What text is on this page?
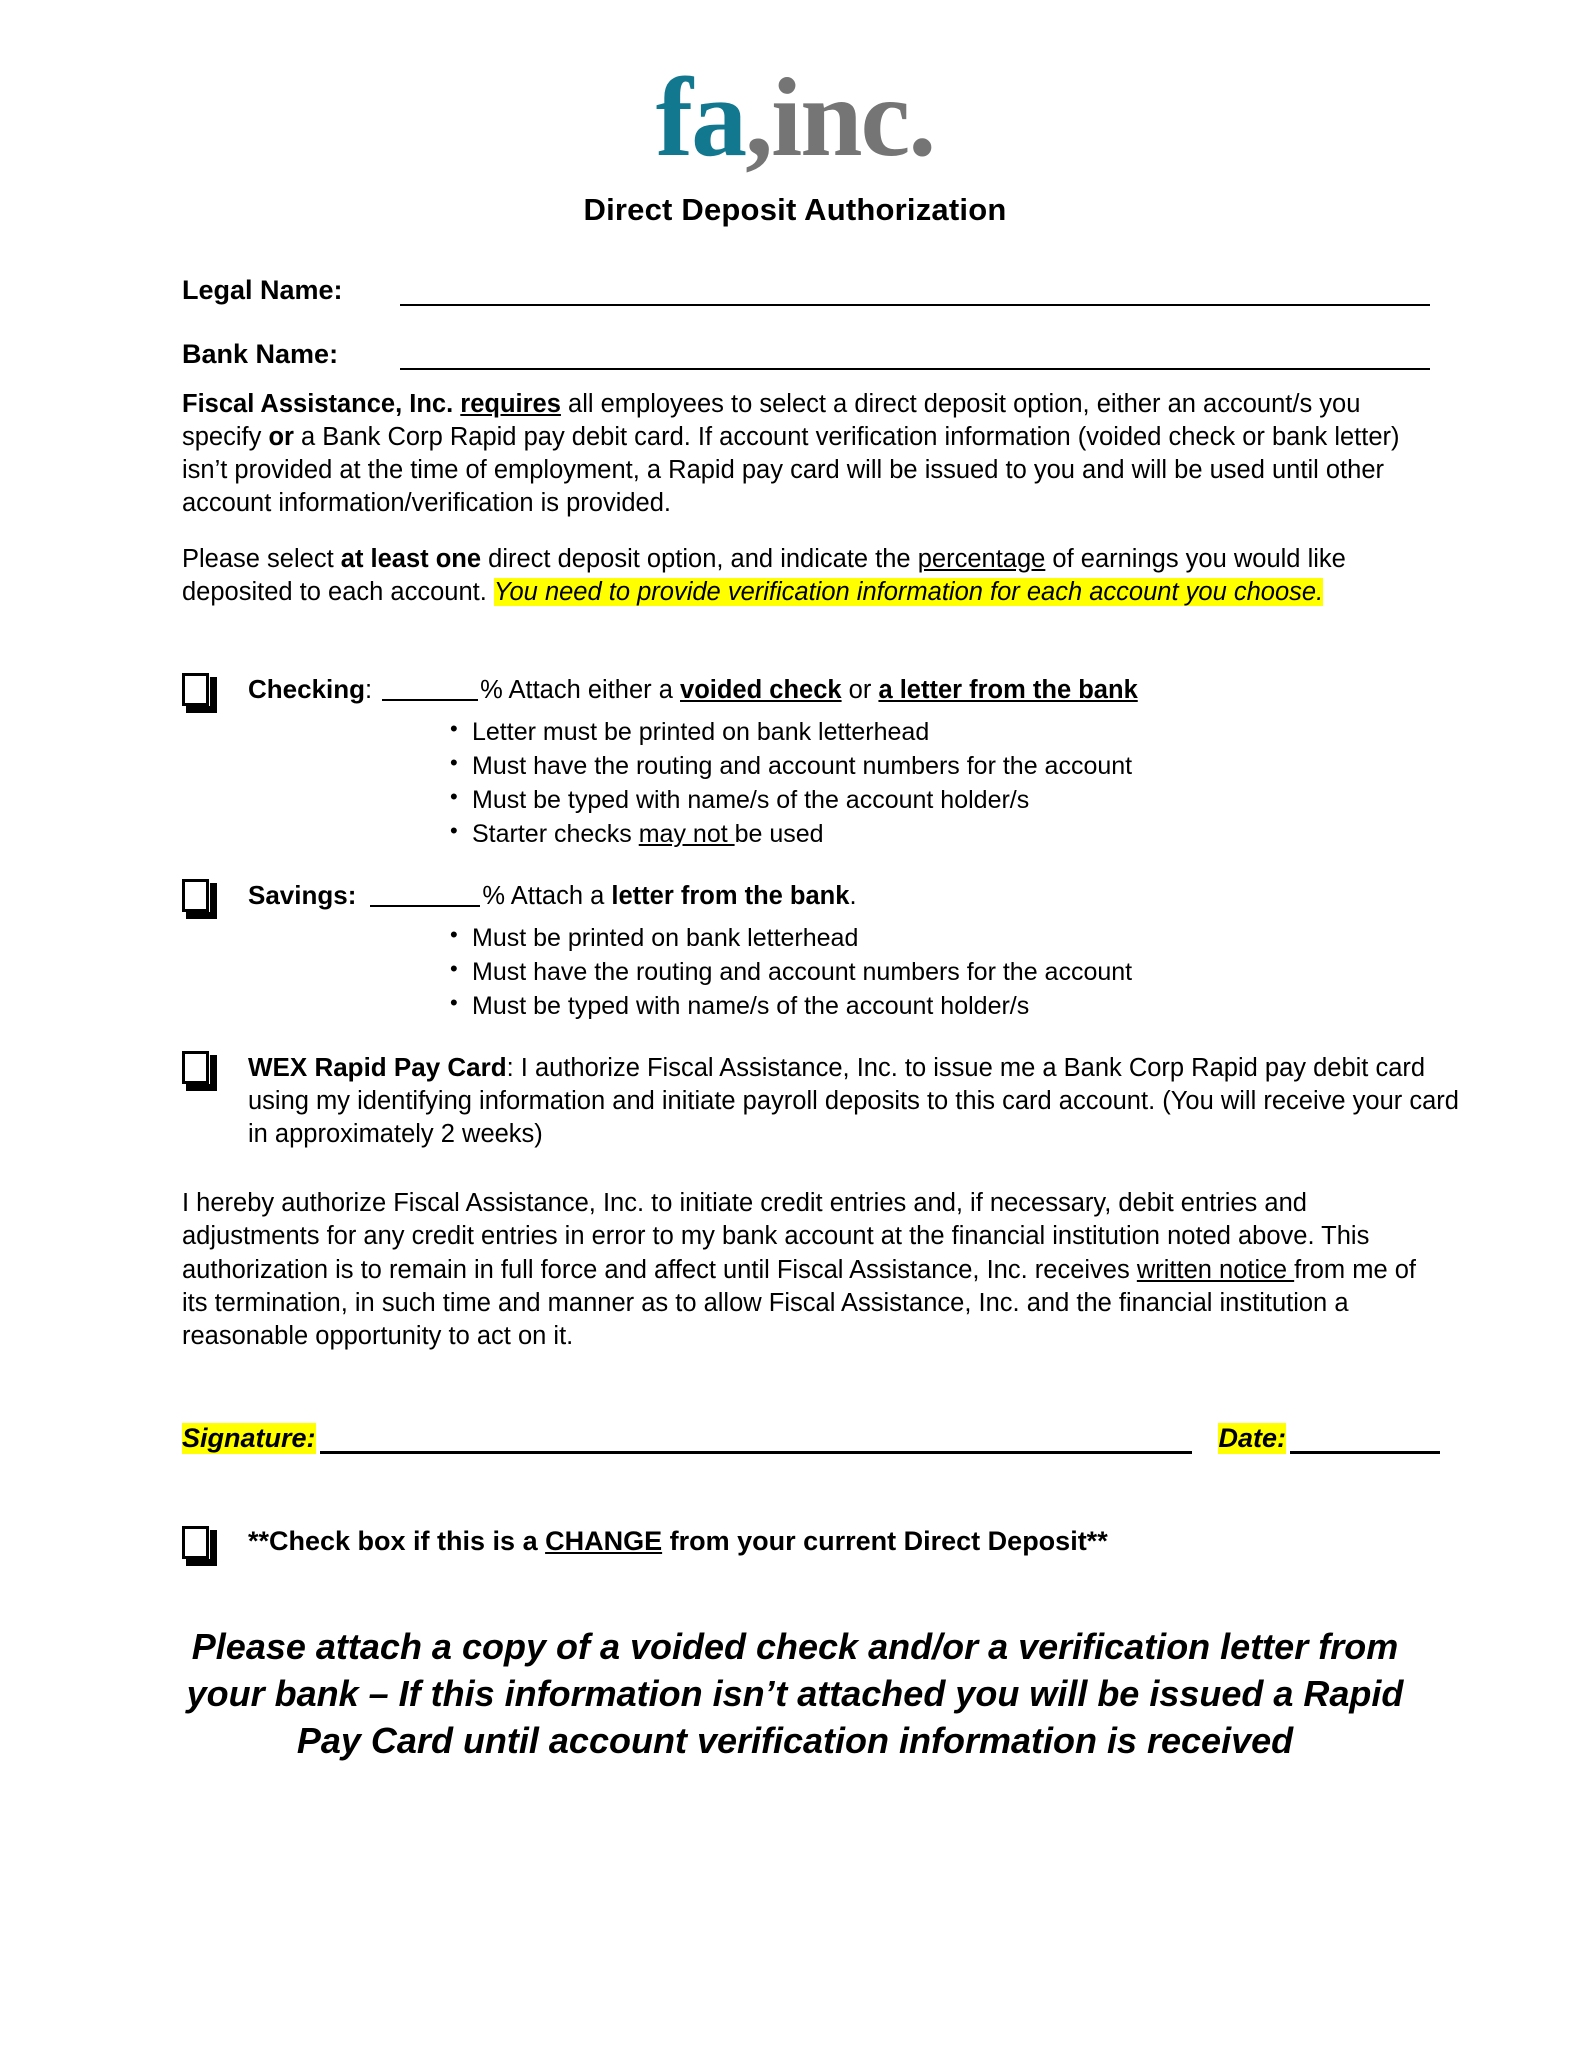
fa,inc.
Direct Deposit Authorization
Legal Name:
Bank Name:

Fiscal Assistance, Inc. requires all employees to select a direct deposit option, either an account/s you specify or a Bank Corp Rapid pay debit card. If account verification information (voided check or bank letter) isn’t provided at the time of employment, a Rapid pay card will be issued to you and will be used until other account information/verification is provided.

Please select at least one direct deposit option, and indicate the percentage of earnings you would like deposited to each account. You need to provide verification information for each account you choose.

Checking:	% Attach either a voided check or a letter from the bank
• Letter must be printed on bank letterhead
• Must have the routing and account numbers for the account
• Must be typed with name/s of the account holder/s
• Starter checks may not be used
Savings:	% Attach a letter from the bank.
• Must be printed on bank letterhead
• Must have the routing and account numbers for the account
• Must be typed with name/s of the account holder/s
WEX Rapid Pay Card: I authorize Fiscal Assistance, Inc. to issue me a Bank Corp Rapid pay debit card using my identifying information and initiate payroll deposits to this card account. (You will receive your card in approximately 2 weeks)

I hereby authorize Fiscal Assistance, Inc. to initiate credit entries and, if necessary, debit entries and adjustments for any credit entries in error to my bank account at the financial institution noted above. This authorization is to remain in full force and affect until Fiscal Assistance, Inc. receives written notice from me of its termination, in such time and manner as to allow Fiscal Assistance, Inc. and the financial institution a reasonable opportunity to act on it.

Signature:	Date:
**Check box if this is a CHANGE from your current Direct Deposit**
Please attach a copy of a voided check and/or a verification letter from your bank – If this information isn’t attached you will be issued a Rapid Pay Card until account verification information is received
